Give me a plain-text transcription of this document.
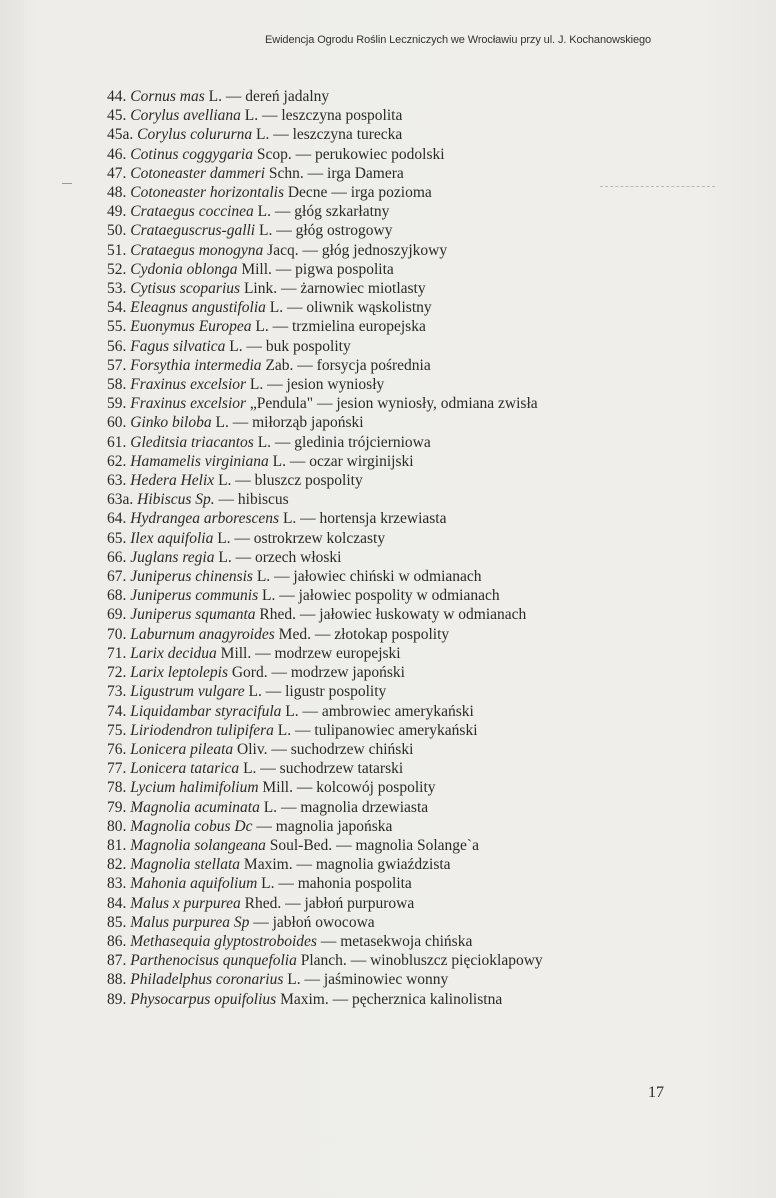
Ewidencja Ogrodu Roślin Leczniczych we Wrocławiu przy ul. J. Kochanowskiego
44. Cornus mas L. — dereń jadalny
45. Corylus avelliana L. — leszczyna pospolita
45a. Corylus colururna L. — leszczyna turecka
46. Cotinus coggygaria Scop. — perukowiec podolski
47. Cotoneaster dammeri Schn. — irga Damera
48. Cotoneaster horizontalis Decne — irga pozioma
49. Crataegus coccinea L. — głóg szkarłatny
50. Crataeguscrus-galli L. — głóg ostrogowy
51. Crataegus monogyna Jacq. — głóg jednoszyjkowy
52. Cydonia oblonga Mill. — pigwa pospolita
53. Cytisus scoparius Link. — żarnowiec miotlasty
54. Eleagnus angustifolia L. — oliwnik wąskolistny
55. Euonymus Europea L. — trzmielina europejska
56. Fagus silvatica L. — buk pospolity
57. Forsythia intermedia Zab. — forsycja pośrednia
58. Fraxinus excelsior L. — jesion wyniosły
59. Fraxinus excelsior „Pendula" — jesion wyniosły, odmiana zwisła
60. Ginko biloba L. — miłorząb japoński
61. Gleditsia triacantos L. — gledinia trójcierniowa
62. Hamamelis virginiana L. — oczar wirginijski
63. Hedera Helix L. — bluszcz pospolity
63a. Hibiscus Sp. — hibiscus
64. Hydrangea arborescens L. — hortensja krzewiasta
65. Ilex aquifolia L. — ostrokrzew kolczasty
66. Juglans regia L. — orzech włoski
67. Juniperus chinensis L. — jałowiec chiński w odmianach
68. Juniperus communis L. — jałowiec pospolity w odmianach
69. Juniperus squmanta Rhed. — jałowiec łuskowaty w odmianach
70. Laburnum anagyroides Med. — złotokap pospolity
71. Larix decidua Mill. — modrzew europejski
72. Larix leptolepis Gord. — modrzew japoński
73. Ligustrum vulgare L. — ligustr pospolity
74. Liquidambar styracifula L. — ambrowiec amerykański
75. Liriodendron tulipifera L. — tulipanowiec amerykański
76. Lonicera pileata Oliv. — suchodrzew chiński
77. Lonicera tatarica L. — suchodrzew tatarski
78. Lycium halimifolium Mill. — kolcowój pospolity
79. Magnolia acuminata L. — magnolia drzewiasta
80. Magnolia cobus Dc — magnolia japońska
81. Magnolia solangeana Soul-Bed. — magnolia Solange`a
82. Magnolia stellata Maxim. — magnolia gwiaździsta
83. Mahonia aquifolium L. — mahonia pospolita
84. Malus x purpurea Rhed. — jabłoń purpurowa
85. Malus purpurea Sp — jabłoń owocowa
86. Methasequia glyptostroboides — metasekwoja chińska
87. Parthenocisus qunquefolia Planch. — winobluszcz pięcioklapowy
88. Philadelphus coronarius L. — jaśminowiec wonny
89. Physocarpus opuifolius Maxim. — pęcherznica kalinolistna
17
